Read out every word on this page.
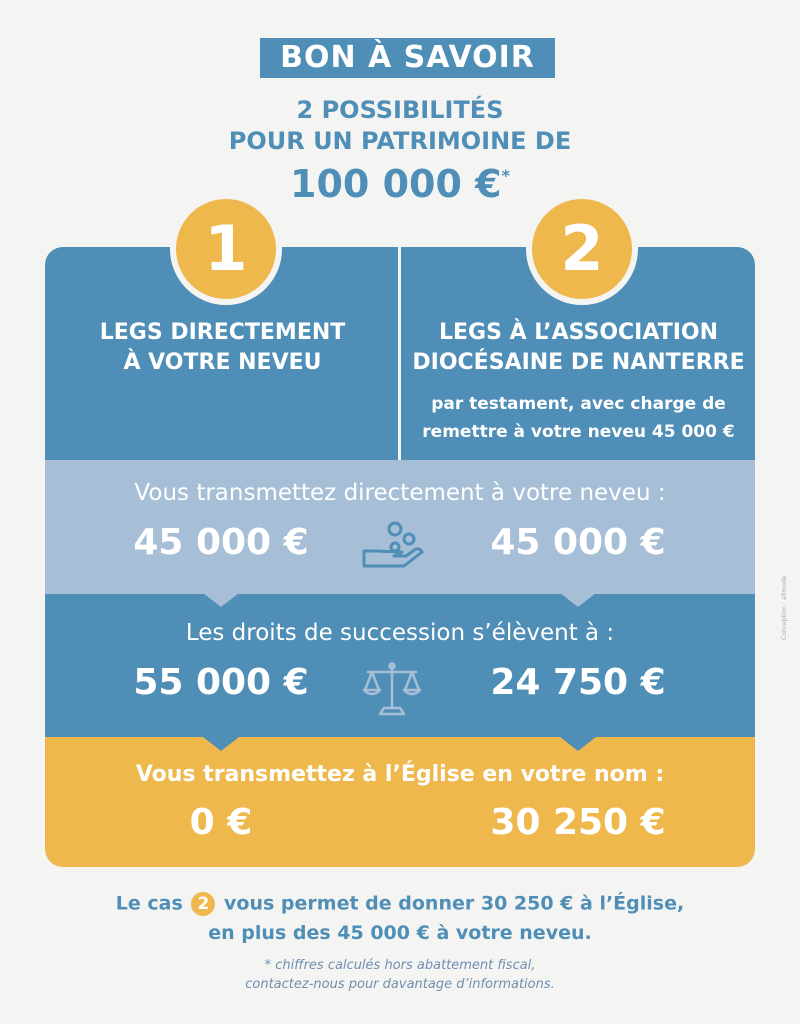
BON À SAVOIR
2 POSSIBILITÉS
POUR UN PATRIMOINE DE
100 000 €*
1	2
LEGS DIRECTEMENT
À VOTRE NEVEU
LEGS À L’ASSOCIATION
DIOCÉSAINE DE NANTERRE
par testament, avec charge de
remettre à votre neveu 45 000 €
Vous transmettez directement à votre neveu :
45 000 €	45 000 €
Les droits de succession s’élèvent à :
55 000 €	24 750 €
Vous transmettez à l’Église en votre nom :
0 €	30 250 €
Le cas 2 vous permet de donner 30 250 € à l’Église,
en plus des 45 000 € à votre neveu.
* chiffres calculés hors abattement fiscal,
contactez-nous pour davantage d’informations.
Conception : altmode
